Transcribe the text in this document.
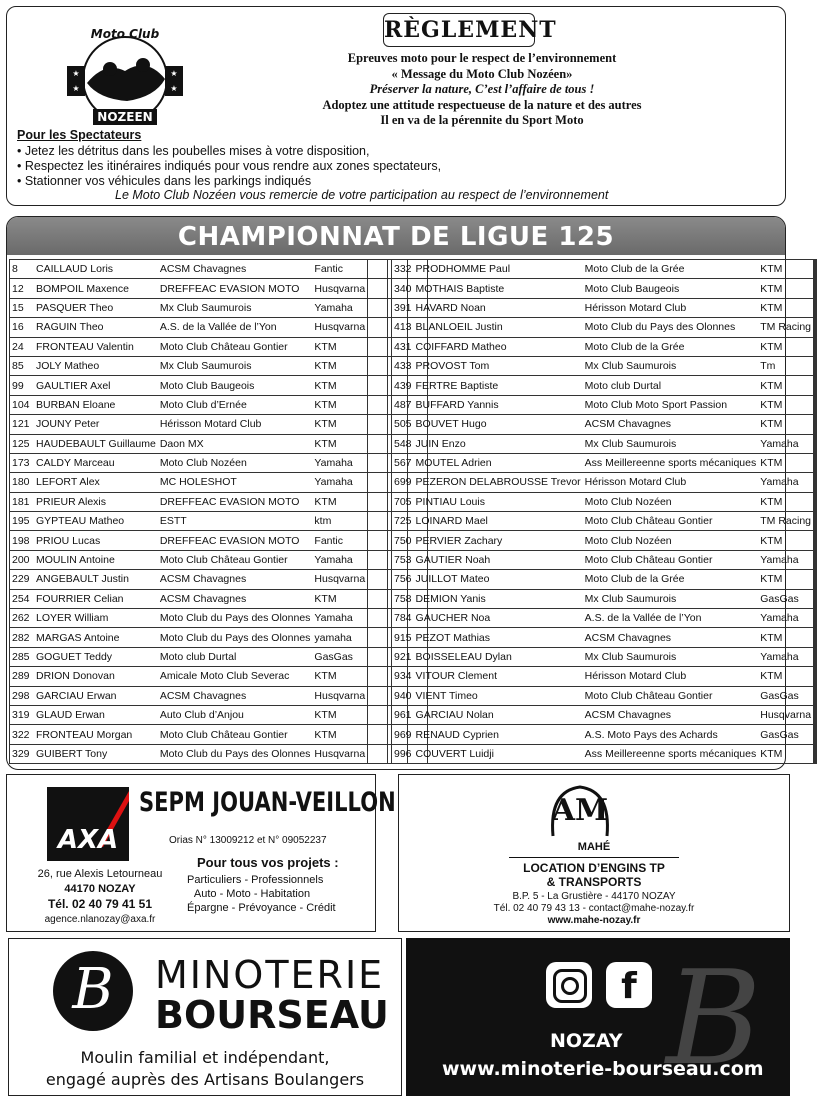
★
★
★
★
Moto Club
NOZEEN
RÈGLEMENT
Epreuves moto pour le respect de l’environnement
« Message du Moto Club Nozéen»
Préserver la nature, C’est l’affaire de tous !
Adoptez une attitude respectueuse de la nature et des autres
Il en va de la pérennite du Sport Moto
Pour les Spectateurs
• Jetez les détritus dans les poubelles mises à votre disposition,
• Respectez les itinéraires indiqués pour vous rendre aux zones spectateurs,
• Stationner vos véhicules dans les parkings indiqués
Le Moto Club Nozéen vous remercie de votre participation au respect de l’environnement
CHAMPIONNAT DE LIGUE 125
8	CAILLAUD Loris	ACSM Chavagnes	Fantic			
12	BOMPOIL Maxence	DREFFEAC EVASION MOTO	Husqvarna			
15	PASQUER Theo	Mx Club Saumurois	Yamaha			
16	RAGUIN Theo	A.S. de la Vallée de l’Yon	Husqvarna			
24	FRONTEAU Valentin	Moto Club Château Gontier	KTM			
85	JOLY Matheo	Mx Club Saumurois	KTM			
99	GAULTIER Axel	Moto Club Baugeois	KTM			
104	BURBAN Eloane	Moto Club d’Ernée	KTM			
121	JOUNY Peter	Hérisson Motard Club	KTM			
125	HAUDEBAULT Guillaume	Daon MX	KTM			
173	CALDY Marceau	Moto Club Nozéen	Yamaha			
180	LEFORT Alex	MC HOLESHOT	Yamaha			
181	PRIEUR Alexis	DREFFEAC EVASION MOTO	KTM			
195	GYPTEAU Matheo	ESTT	ktm			
198	PRIOU Lucas	DREFFEAC EVASION MOTO	Fantic			
200	MOULIN Antoine	Moto Club Château Gontier	Yamaha			
229	ANGEBAULT Justin	ACSM Chavagnes	Husqvarna			
254	FOURRIER Celian	ACSM Chavagnes	KTM			
262	LOYER William	Moto Club du Pays des Olonnes	Yamaha			
282	MARGAS Antoine	Moto Club du Pays des Olonnes	yamaha			
285	GOGUET Teddy	Moto club Durtal	GasGas			
289	DRION Donovan	Amicale Moto Club Severac	KTM			
298	GARCIAU Erwan	ACSM Chavagnes	Husqvarna			
319	GLAUD Erwan	Auto Club d’Anjou	KTM			
322	FRONTEAU Morgan	Moto Club Château Gontier	KTM			
329	GUIBERT Tony	Moto Club du Pays des Olonnes	Husqvarna			
332	PRODHOMME Paul	Moto Club de la Grée	KTM			
340	MOTHAIS Baptiste	Moto Club Baugeois	KTM			
391	HAVARD Noan	Hérisson Motard Club	KTM			
413	BLANLOEIL Justin	Moto Club du Pays des Olonnes	TM Racing			
431	COIFFARD Matheo	Moto Club de la Grée	KTM			
433	PROVOST Tom	Mx Club Saumurois	Tm			
439	FERTRE Baptiste	Moto club Durtal	KTM			
487	BUFFARD Yannis	Moto Club Moto Sport Passion	KTM			
505	BOUVET Hugo	ACSM Chavagnes	KTM			
548	JUIN Enzo	Mx Club Saumurois	Yamaha			
567	MOUTEL Adrien	Ass Meillereenne sports mécaniques	KTM			
699	PEZERON DELABROUSSE Trevor	Hérisson Motard Club	Yamaha			
705	PINTIAU Louis	Moto Club Nozéen	KTM			
725	LOINARD Mael	Moto Club Château Gontier	TM Racing			
750	PERVIER Zachary	Moto Club Nozéen	KTM			
753	GAUTIER Noah	Moto Club Château Gontier	Yamaha			
756	JUILLOT Mateo	Moto Club de la Grée	KTM			
758	DEMION Yanis	Mx Club Saumurois	GasGas			
784	GAUCHER Noa	A.S. de la Vallée de l’Yon	Yamaha			
915	PEZOT Mathias	ACSM Chavagnes	KTM			
921	BOISSELEAU Dylan	Mx Club Saumurois	Yamaha			
934	VITOUR Clement	Hérisson Motard Club	KTM			
940	VIENT Timeo	Moto Club Château Gontier	GasGas			
961	GARCIAU Nolan	ACSM Chavagnes	Husqvarna			
969	RENAUD Cyprien	A.S. Moto Pays des Achards	GasGas			
996	COUVERT Luidji	Ass Meillereenne sports mécaniques	KTM			
AXA
SEPM JOUAN-VEILLON
Orias N° 13009212 et N° 09052237
Pour tous vos projets :
Particuliers - Professionnels
Auto - Moto - Habitation
Épargne - Prévoyance - Crédit
26, rue Alexis Letourneau
44170 NOZAY
Tél. 02 40 79 41 51
agence.nlanozay@axa.fr
AM
MAHÉ
LOCATION D’ENGINS TP
& TRANSPORTS
B.P. 5 - La Grustière - 44170 NOZAY
Tél. 02 40 79 43 13 - contact@mahe-nozay.fr
www.mahe-nozay.fr
B	MINOTERIE
BOURSEAU
Moulin familial et indépendant,
engagé auprès des Artisans Boulangers B
f
NOZAY
www.minoterie-bourseau.com
